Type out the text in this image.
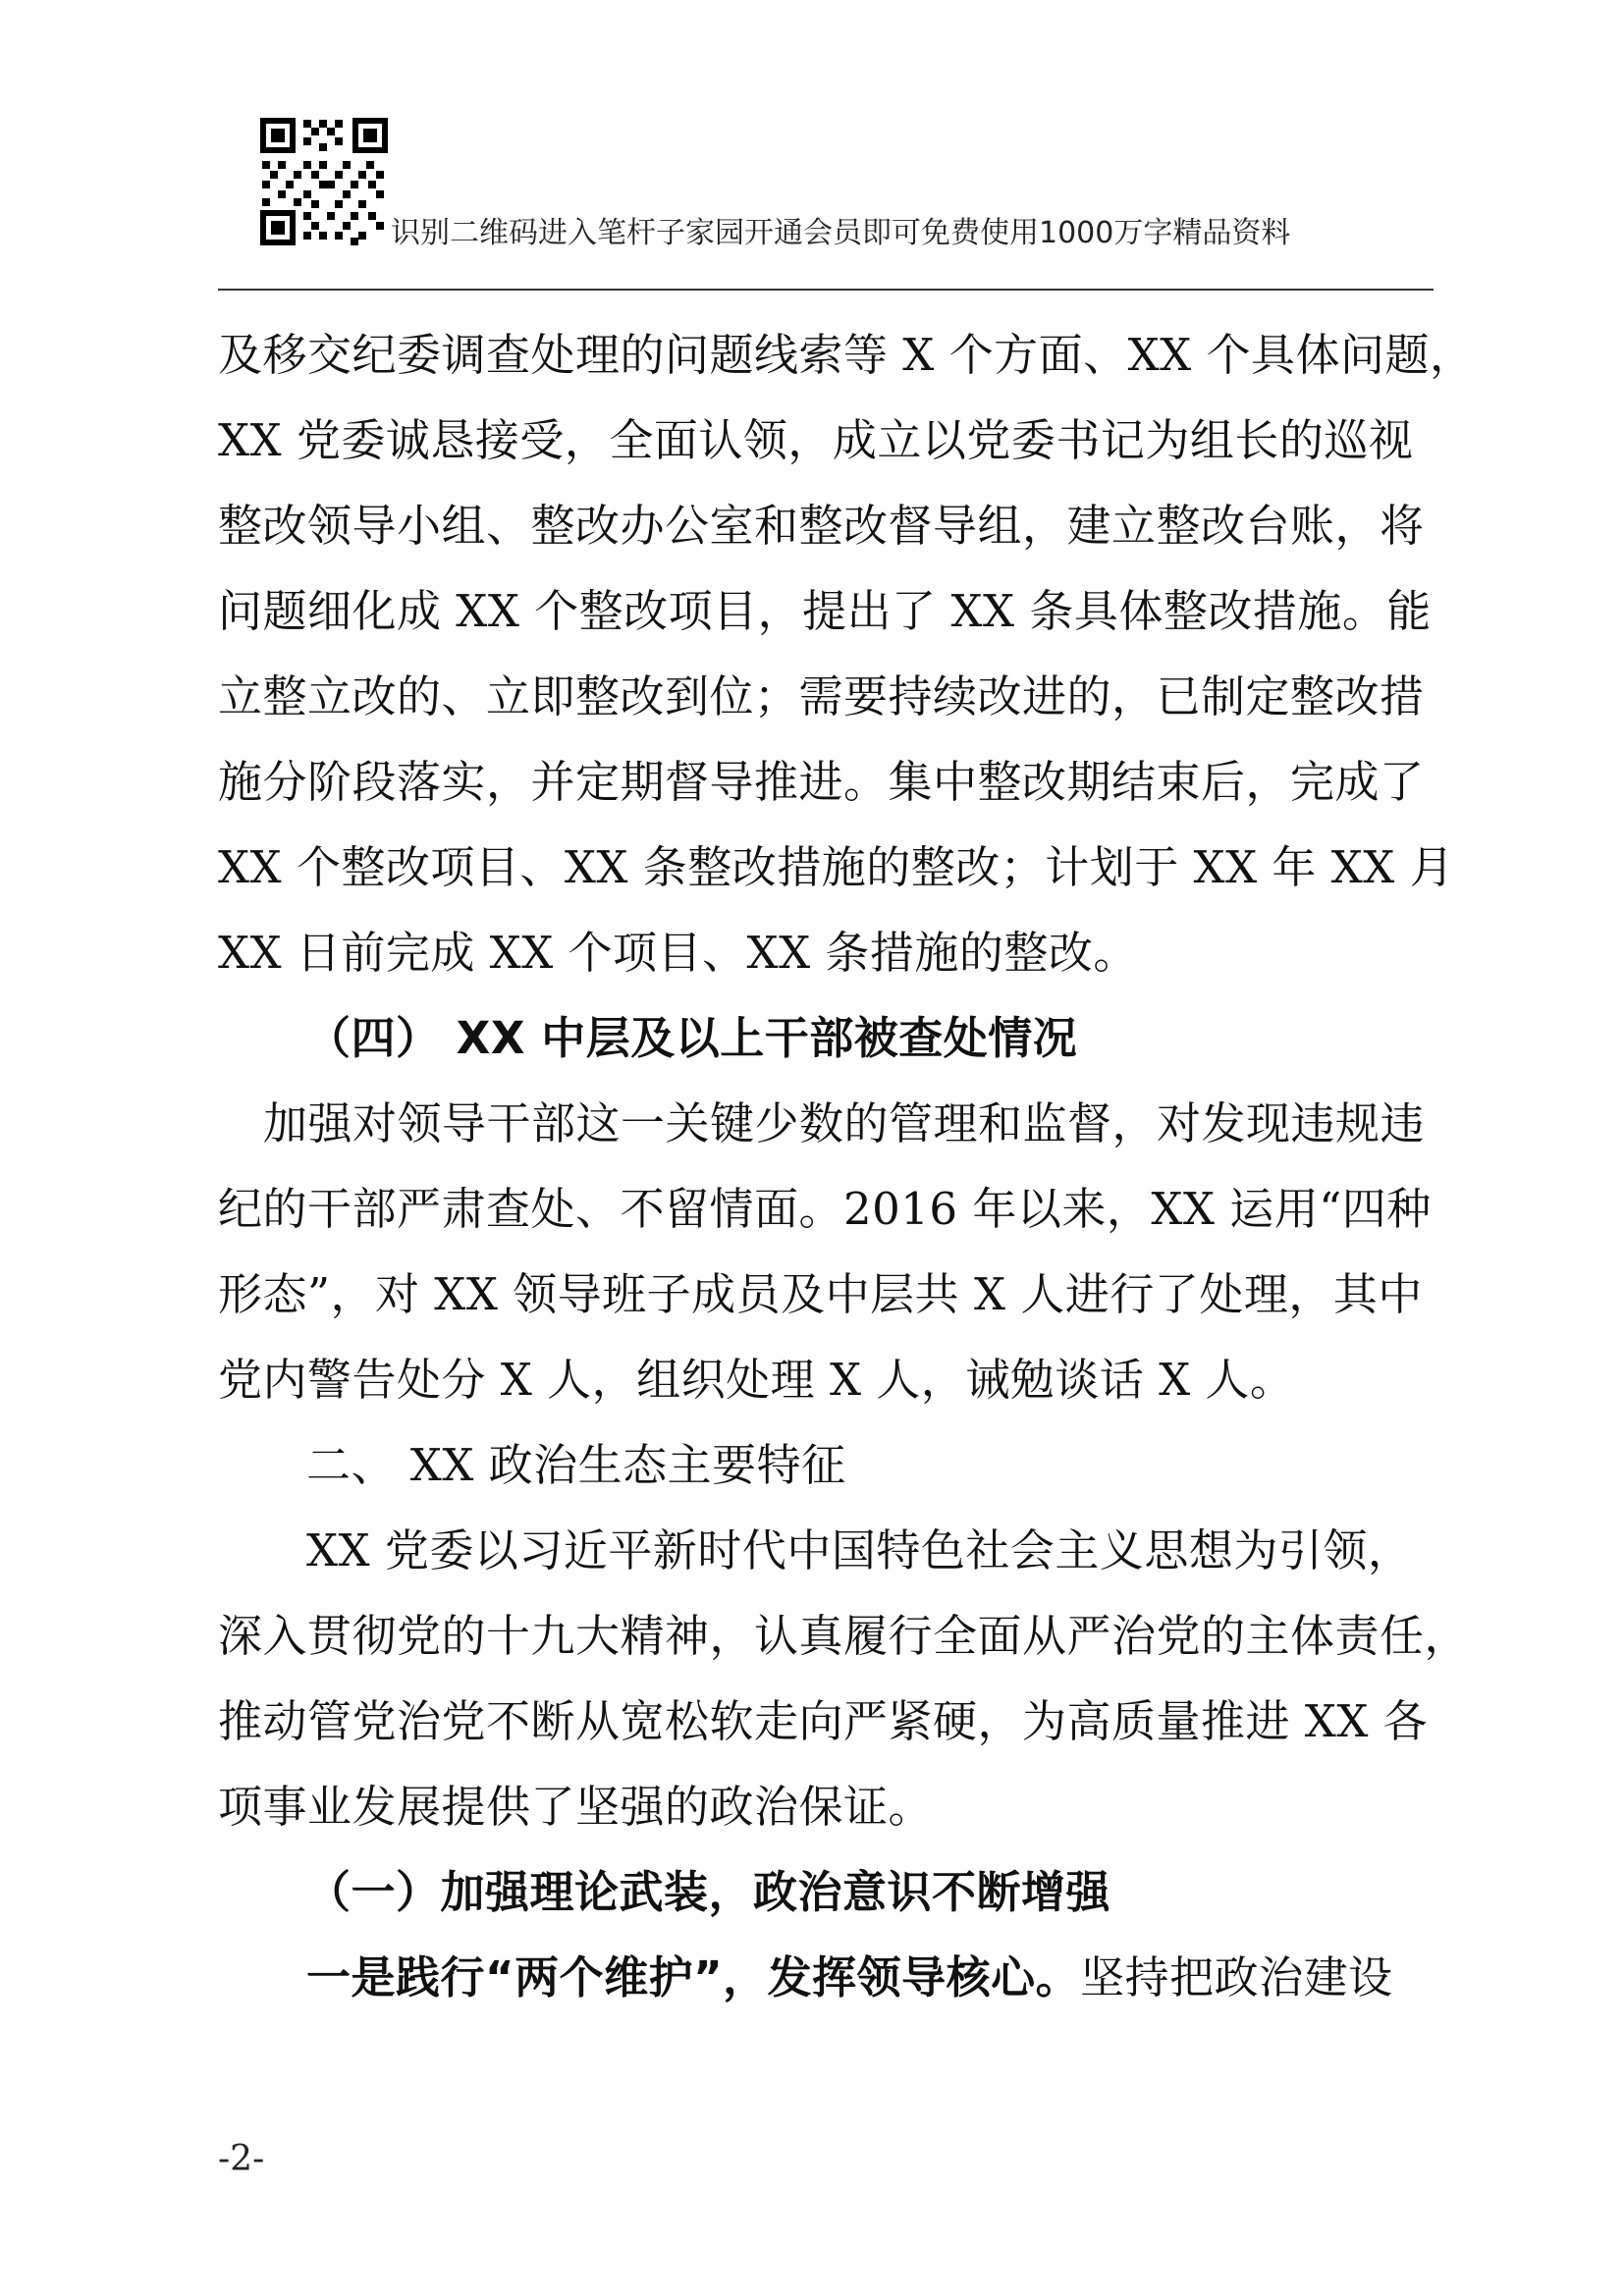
识别二维码进入笔杆子家园开通会员即可免费使用1000万字精品资料
及移交纪委调查处理的问题线索等 X 个方面、XX 个具体问题，
XX 党委诚恳接受，全面认领，成立以党委书记为组长的巡视
整改领导小组、整改办公室和整改督导组，建立整改台账，将
问题细化成 XX 个整改项目，提出了 XX 条具体整改措施。能
立整立改的、立即整改到位；需要持续改进的，已制定整改措
施分阶段落实，并定期督导推进。集中整改期结束后，完成了
XX 个整改项目、XX 条整改措施的整改；计划于 XX 年 XX 月
XX 日前完成 XX 个项目、XX 条措施的整改。
（四） XX 中层及以上干部被查处情况
加强对领导干部这一关键少数的管理和监督，对发现违规违
纪的干部严肃查处、不留情面。2016 年以来，XX 运用“四种
形态”，对 XX 领导班子成员及中层共 X 人进行了处理，其中
党内警告处分 X 人，组织处理 X 人，诫勉谈话 X 人。
二、 XX 政治生态主要特征
XX 党委以习近平新时代中国特色社会主义思想为引领，
深入贯彻党的十九大精神，认真履行全面从严治党的主体责任，
推动管党治党不断从宽松软走向严紧硬，为高质量推进 XX 各
项事业发展提供了坚强的政治保证。
（一）加强理论武装，政治意识不断增强
一是践行“两个维护”，发挥领导核心。坚持把政治建设
-2-
